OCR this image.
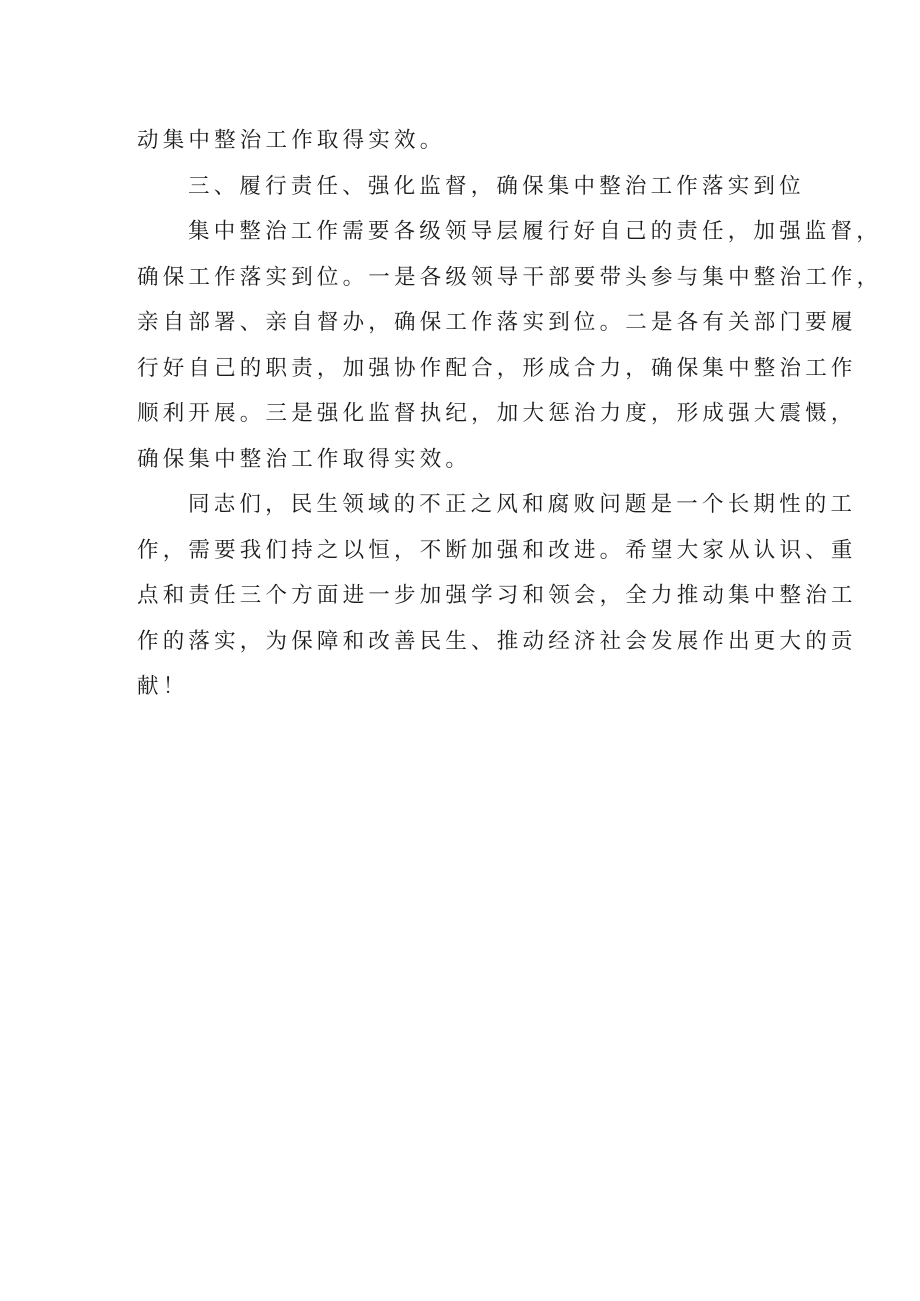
动集中整治工作取得实效。
三、履行责任、强化监督，确保集中整治工作落实到位
集中整治工作需要各级领导层履行好自己的责任，加强监督，
确保工作落实到位。一是各级领导干部要带头参与集中整治工作，
亲自部署、亲自督办，确保工作落实到位。二是各有关部门要履
行好自己的职责，加强协作配合，形成合力，确保集中整治工作
顺利开展。三是强化监督执纪，加大惩治力度，形成强大震慑，
确保集中整治工作取得实效。
同志们，民生领域的不正之风和腐败问题是一个长期性的工
作，需要我们持之以恒，不断加强和改进。希望大家从认识、重
点和责任三个方面进一步加强学习和领会，全力推动集中整治工
作的落实，为保障和改善民生、推动经济社会发展作出更大的贡
献！
